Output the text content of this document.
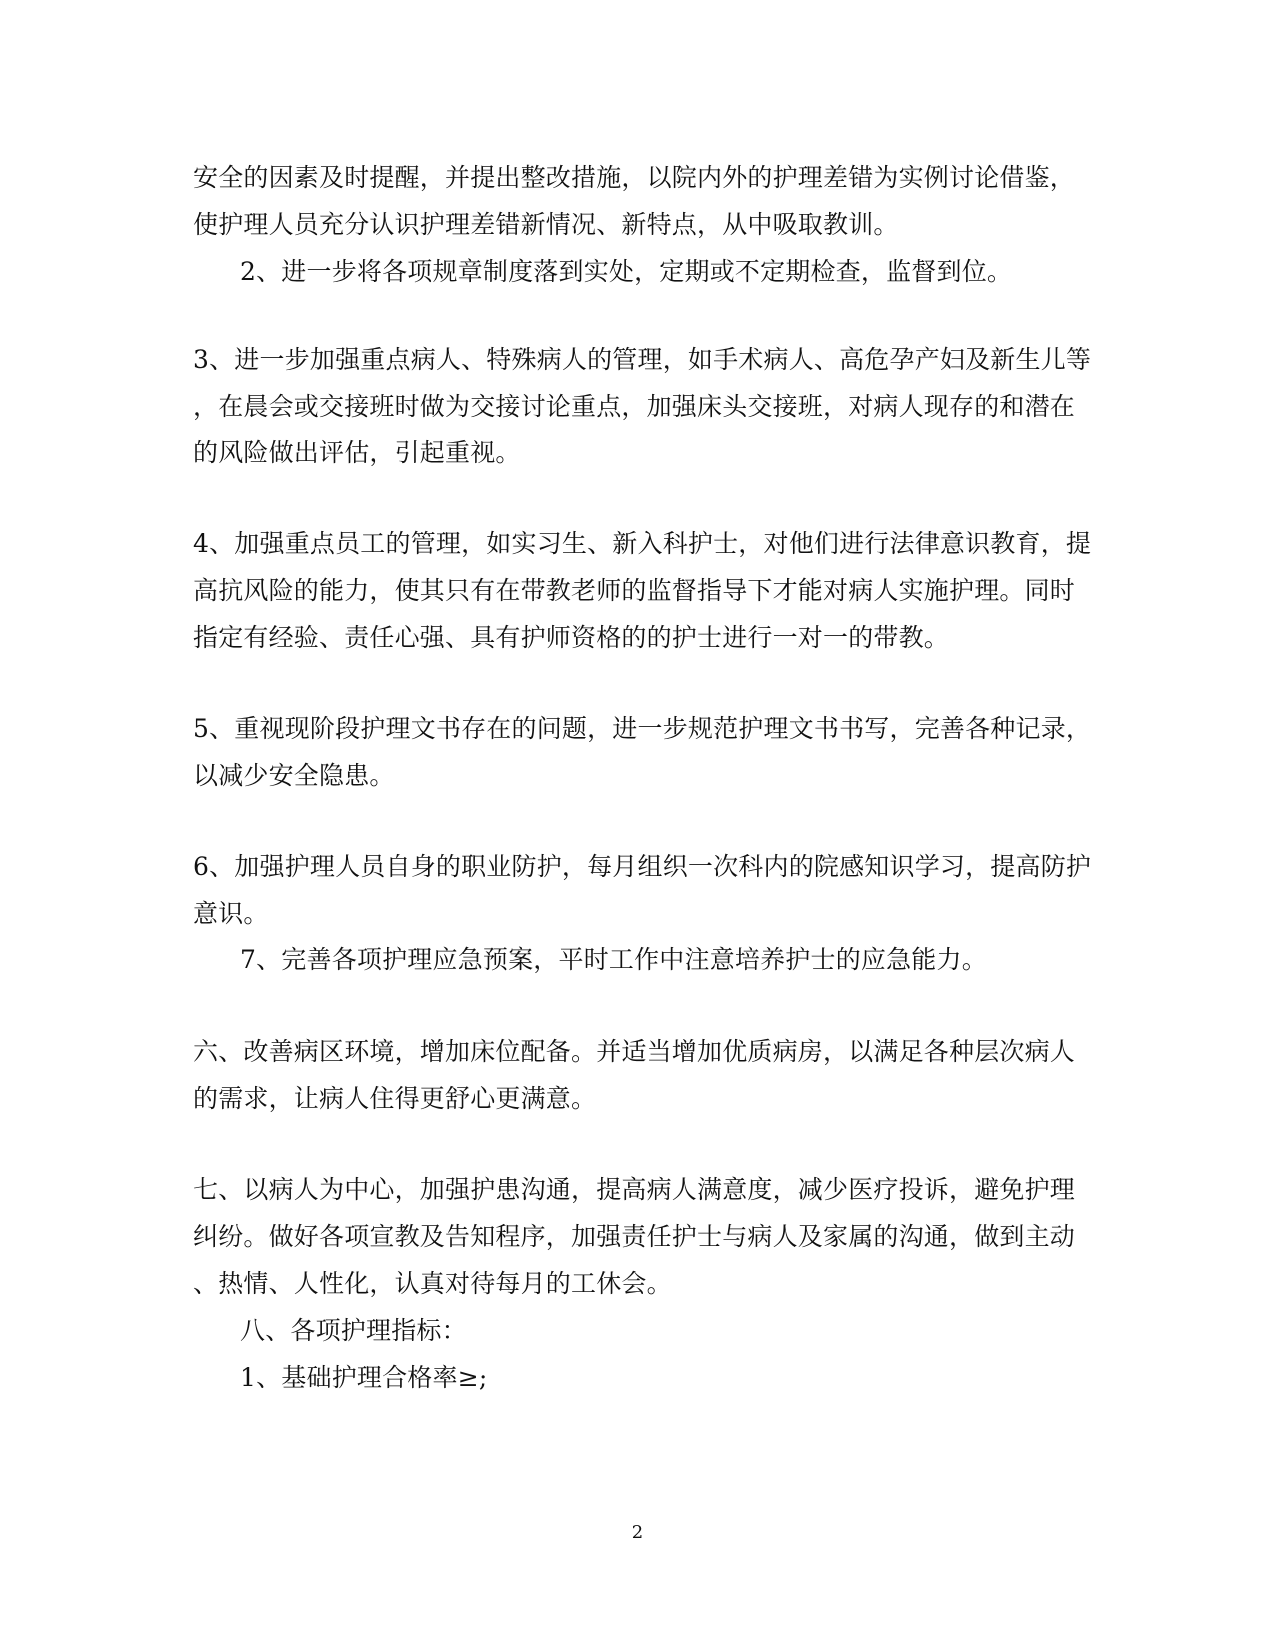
安全的因素及时提醒，并提出整改措施，以院内外的护理差错为实例讨论借鉴，
使护理人员充分认识护理差错新情况、新特点，从中吸取教训。
2、进一步将各项规章制度落到实处，定期或不定期检查，监督到位。
3、进一步加强重点病人、特殊病人的管理，如手术病人、高危孕产妇及新生儿等
，在晨会或交接班时做为交接讨论重点，加强床头交接班，对病人现存的和潜在
的风险做出评估，引起重视。
4、加强重点员工的管理，如实习生、新入科护士，对他们进行法律意识教育，提
高抗风险的能力，使其只有在带教老师的监督指导下才能对病人实施护理。同时
指定有经验、责任心强、具有护师资格的的护士进行一对一的带教。
5、重视现阶段护理文书存在的问题，进一步规范护理文书书写，完善各种记录，
以减少安全隐患。
6、加强护理人员自身的职业防护，每月组织一次科内的院感知识学习，提高防护
意识。
7、完善各项护理应急预案，平时工作中注意培养护士的应急能力。
六、改善病区环境，增加床位配备。并适当增加优质病房，以满足各种层次病人
的需求，让病人住得更舒心更满意。
七、以病人为中心，加强护患沟通，提高病人满意度，减少医疗投诉，避免护理
纠纷。做好各项宣教及告知程序，加强责任护士与病人及家属的沟通，做到主动
、热情、人性化，认真对待每月的工休会。
八、各项护理指标：
1、基础护理合格率≥;
2
